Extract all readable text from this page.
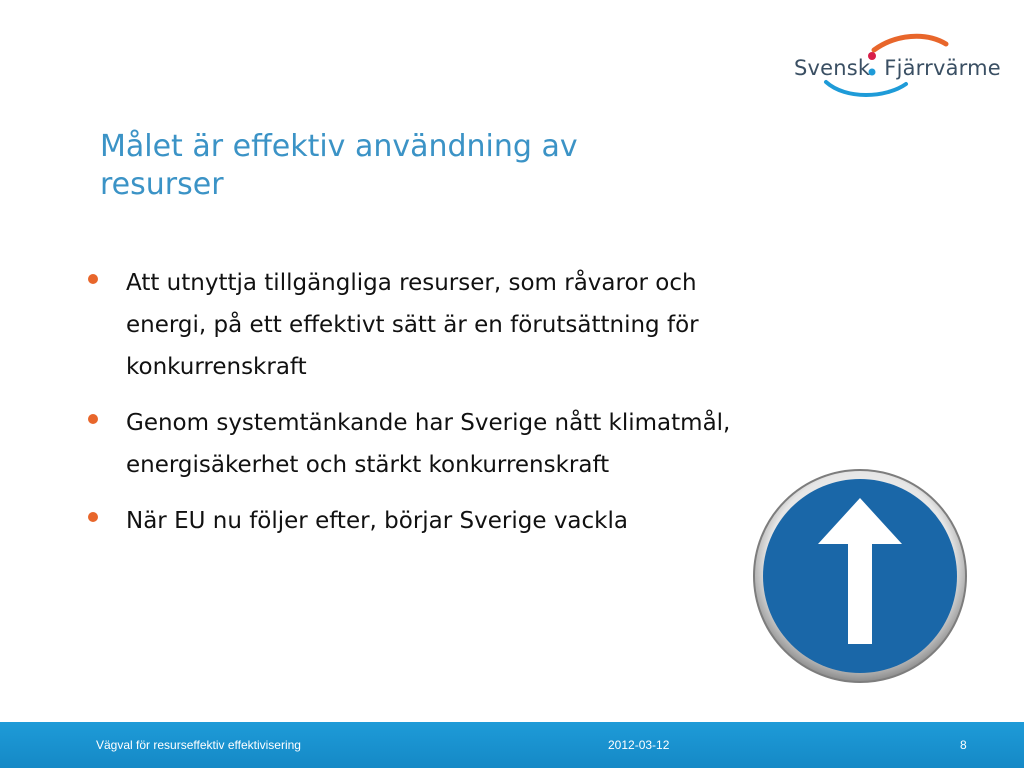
Svensk Fjärrvärme
Målet är effektiv användning av
resurser
Att utnyttja tillgängliga resurser, som råvaror och energi, på ett effektivt sätt är en förutsättning för konkurrenskraft
Genom systemtänkande har Sverige nått klimatmål, energisäkerhet och stärkt konkurrenskraft
När EU nu följer efter, börjar Sverige vackla
Vägval för resurseffektiv effektivisering	2012-03-12	8
